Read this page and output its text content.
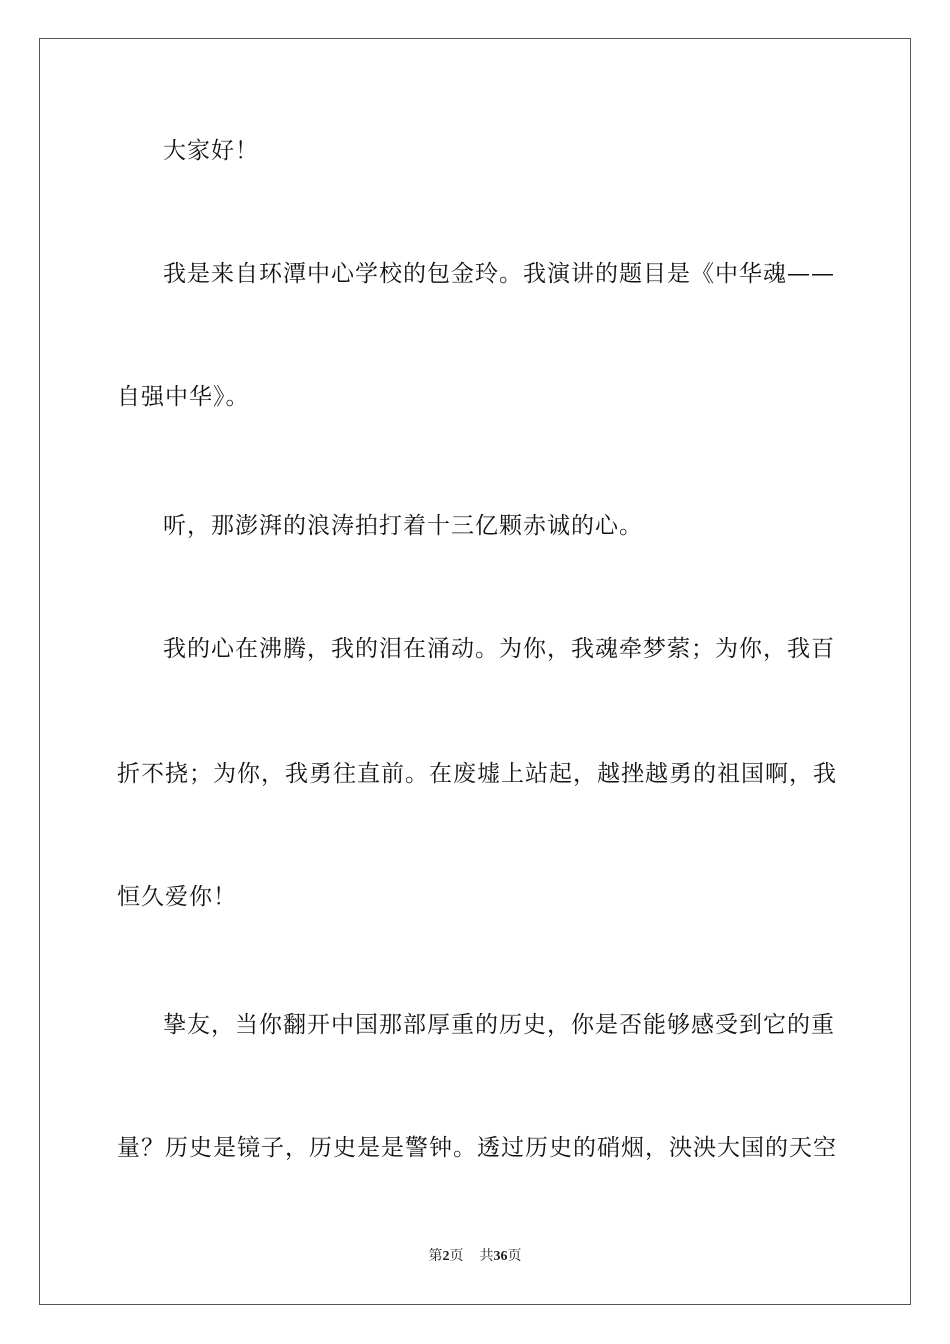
大家好！
我是来自环潭中心学校的包金玲。我演讲的题目是《中华魂——
自强中华》。
听，那澎湃的浪涛拍打着十三亿颗赤诚的心。
我的心在沸腾，我的泪在涌动。为你，我魂牵梦萦；为你，我百
折不挠；为你，我勇往直前。在废墟上站起，越挫越勇的祖国啊，我
恒久爱你！
挚友，当你翻开中国那部厚重的历史，你是否能够感受到它的重
量？历史是镜子，历史是是警钟。透过历史的硝烟，泱泱大国的天空
第2页 共36页
